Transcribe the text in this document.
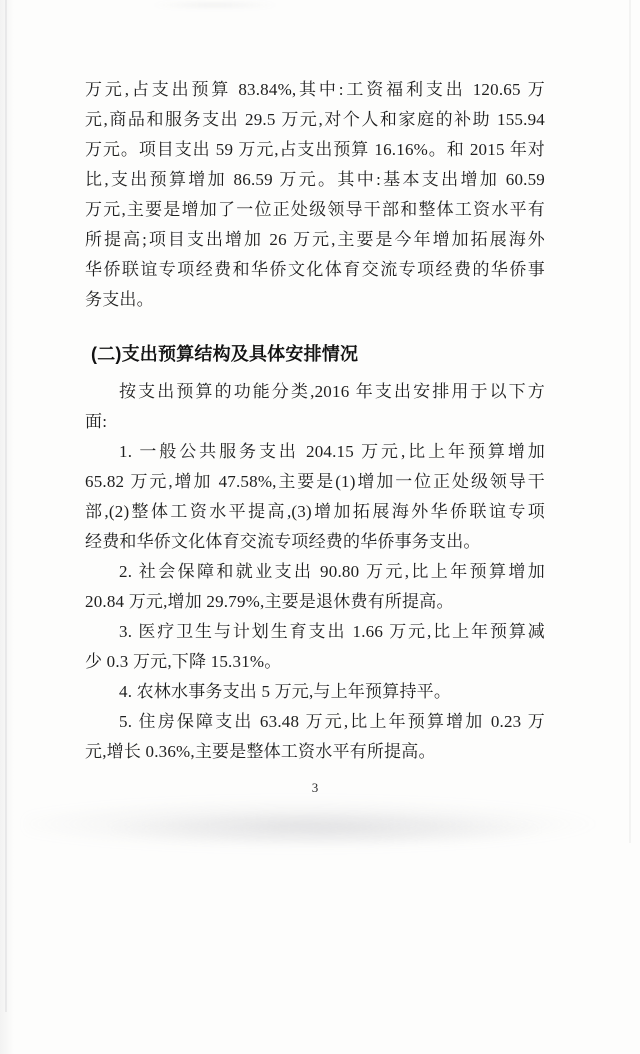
万元,占支出预算 83.84%,其中:工资福利支出 120.65 万
元,商品和服务支出 29.5 万元,对个人和家庭的补助 155.94
万元。项目支出 59 万元,占支出预算 16.16%。和 2015 年对
比,支出预算增加 86.59 万元。其中:基本支出增加 60.59
万元,主要是增加了一位正处级领导干部和整体工资水平有
所提高;项目支出增加 26 万元,主要是今年增加拓展海外
华侨联谊专项经费和华侨文化体育交流专项经费的华侨事
务支出。
(二)支出预算结构及具体安排情况
按支出预算的功能分类,2016 年支出安排用于以下方
面:
1. 一般公共服务支出 204.15 万元,比上年预算增加
65.82 万元,增加 47.58%,主要是(1)增加一位正处级领导干
部,(2)整体工资水平提高,(3)增加拓展海外华侨联谊专项
经费和华侨文化体育交流专项经费的华侨事务支出。
2. 社会保障和就业支出 90.80 万元,比上年预算增加
20.84 万元,增加 29.79%,主要是退休费有所提高。
3. 医疗卫生与计划生育支出 1.66 万元,比上年预算减
少 0.3 万元,下降 15.31%。
4. 农林水事务支出 5 万元,与上年预算持平。
5. 住房保障支出 63.48 万元,比上年预算增加 0.23 万
元,增长 0.36%,主要是整体工资水平有所提高。
3
